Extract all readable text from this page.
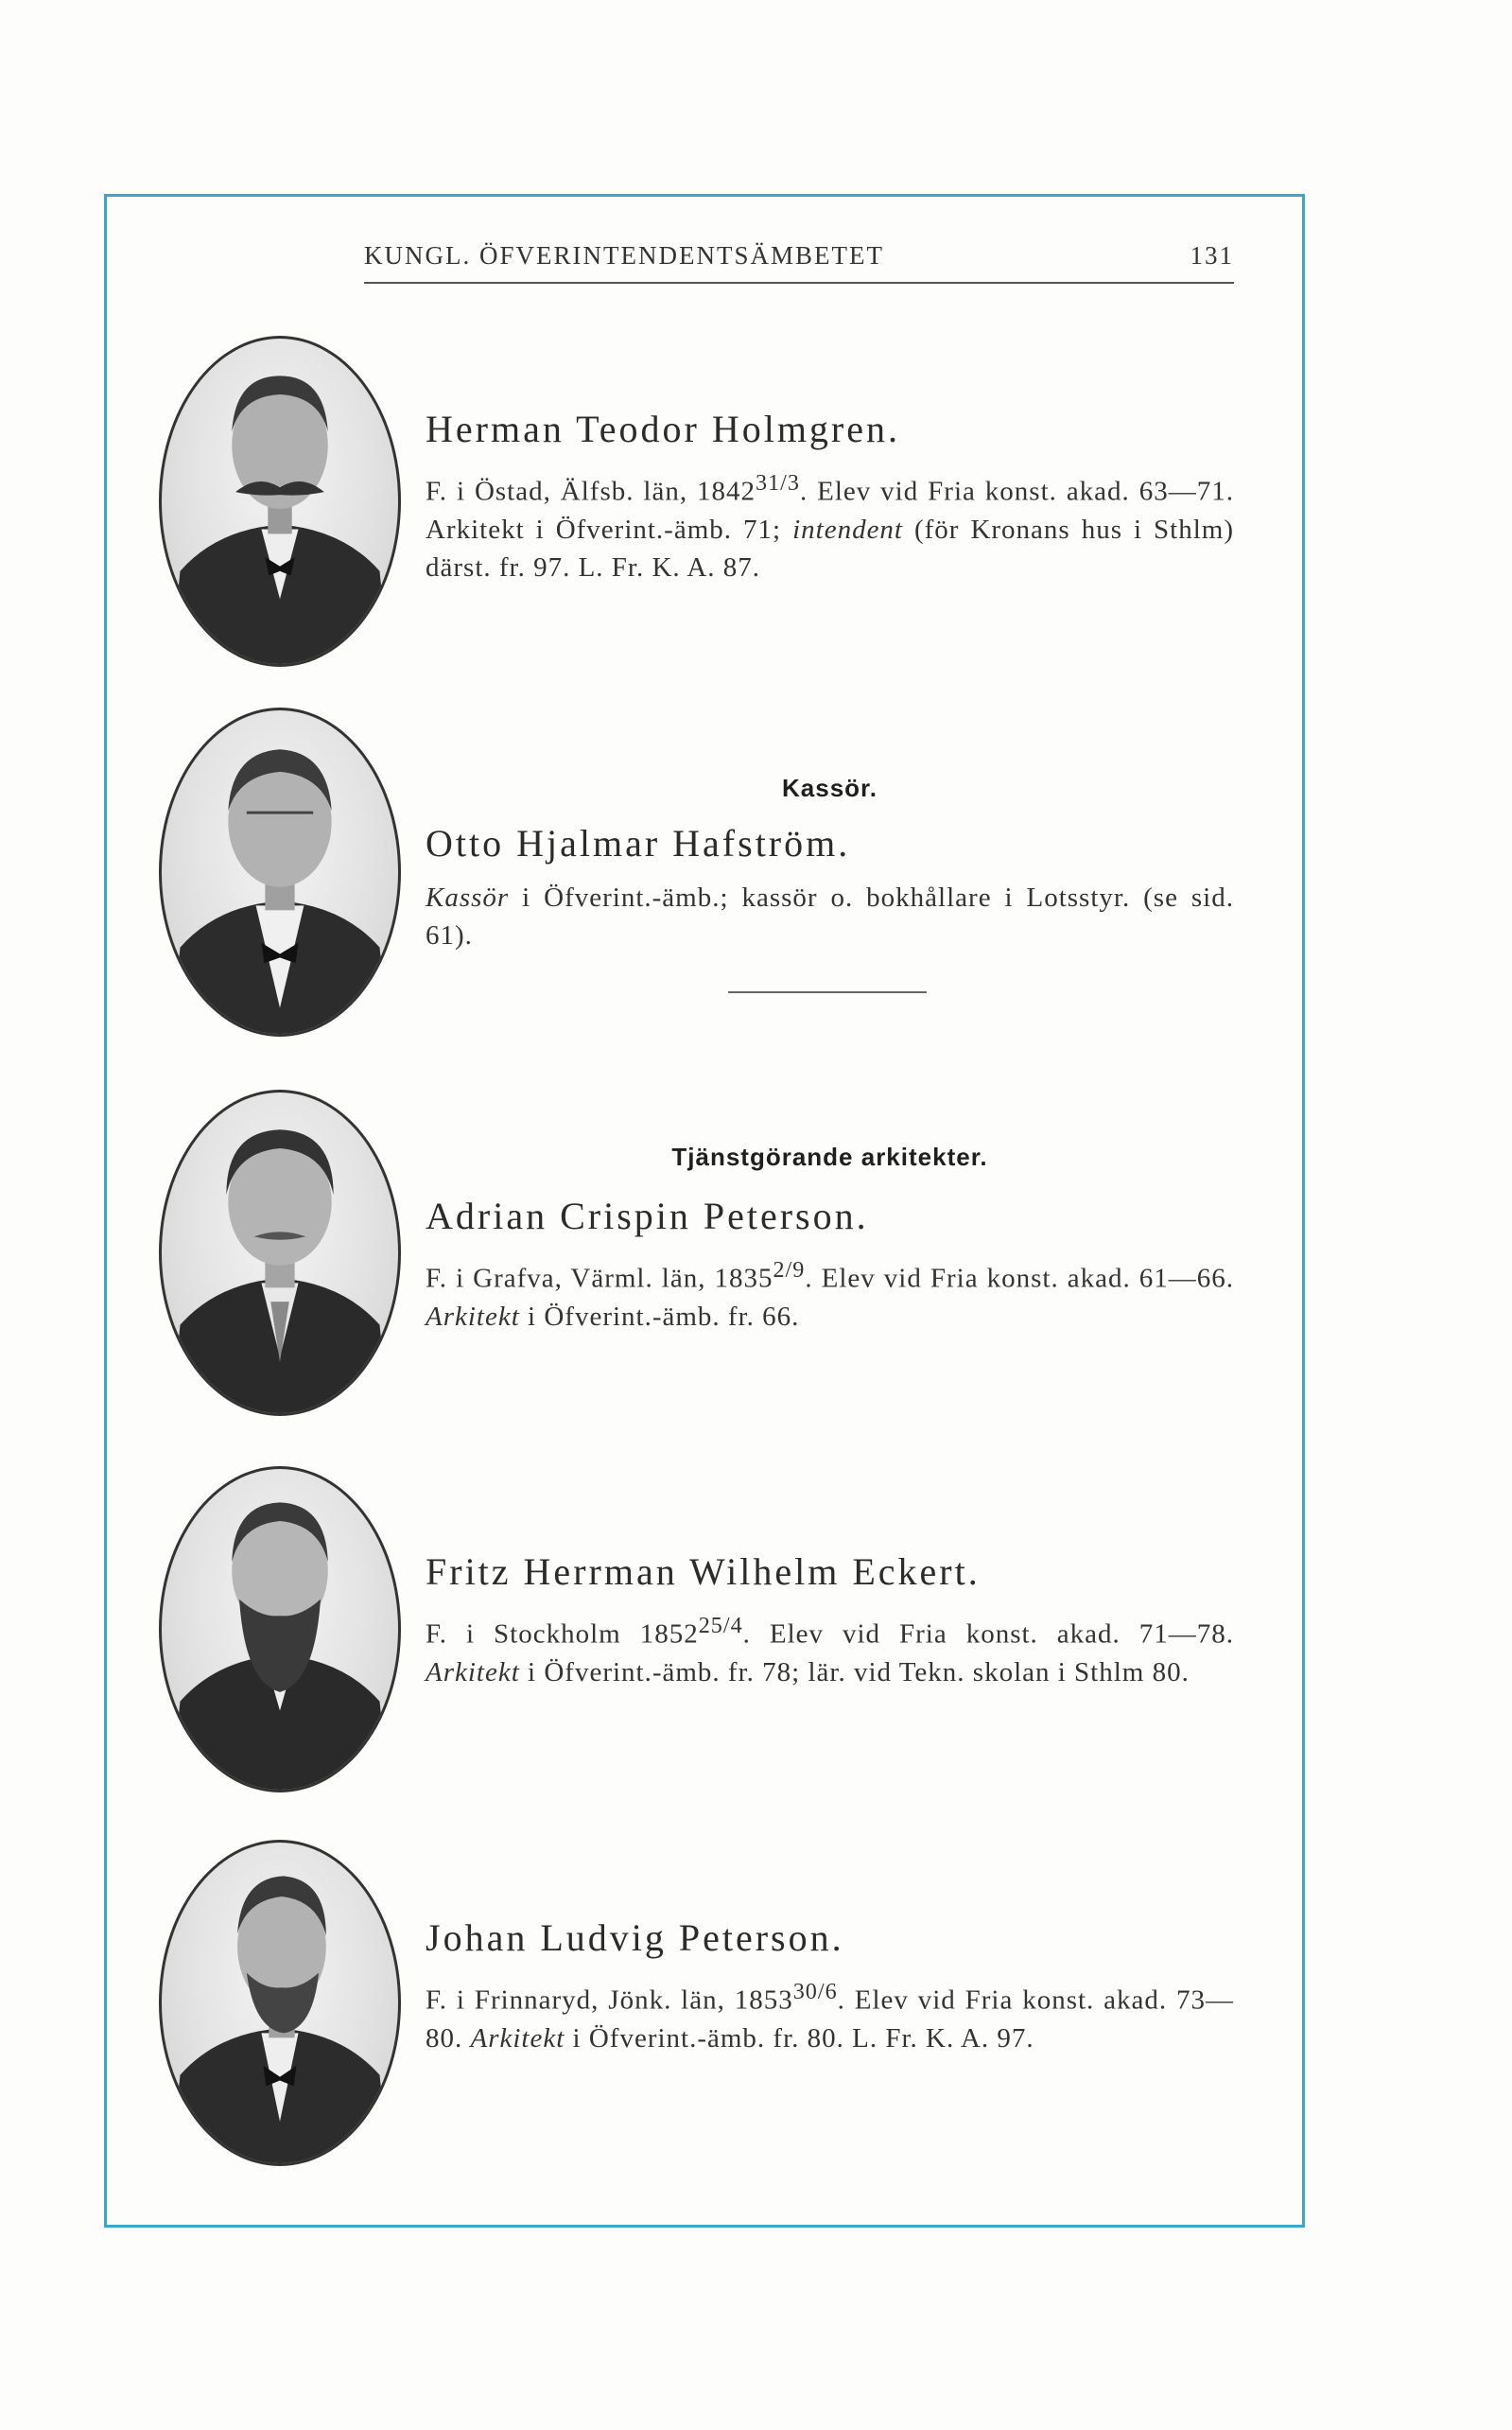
KUNGL. ÖFVERINTENDENTSÄMBETET	131

Herman Teodor Holmgren.

F. i Östad, Älfsb. län, $1842^{31/3}$. Elev vid Fria konst. akad. 63—71. Arkitekt i Öfverint.-ämb. 71; intendent (för Kronans hus i Sthlm) därst. fr. 97. L. Fr. K. A. 87.

Kassör.

Otto Hjalmar Hafström.

Kassör i Öfverint.-ämb.; kassör o. bokhållare i Lotsstyr. (se sid. 61).

Tjänstgörande arkitekter.

Adrian Crispin Peterson.

F. i Grafva, Värml. län, $1835^{2/9}$. Elev vid Fria konst. akad. 61—66. Arkitekt i Öfverint.-ämb. fr. 66.

Fritz Herrman Wilhelm Eckert.

F. i Stockholm $1852^{25/4}$. Elev vid Fria konst. akad. 71—78. Arkitekt i Öfverint.-ämb. fr. 78; lär. vid Tekn. skolan i Sthlm 80.

Johan Ludvig Peterson.

F. i Frinnaryd, Jönk. län, $1853^{30/6}$. Elev vid Fria konst. akad. 73—80. Arkitekt i Öfverint.-ämb. fr. 80. L. Fr. K. A. 97.
